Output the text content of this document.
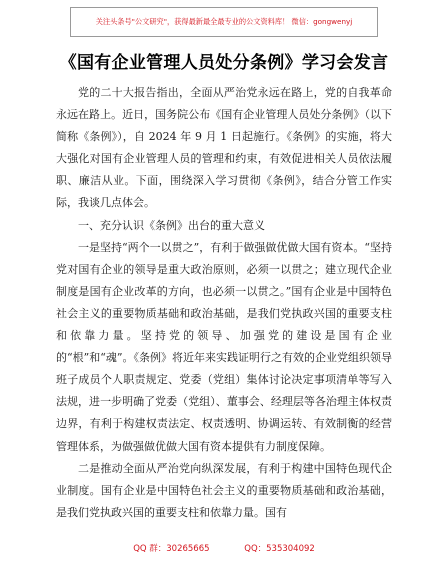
关注头条号"公文研究"，获得最新最全最专业的公文资料库！ 微信：gongwenyj
《国有企业管理人员处分条例》学习会发言

党的二十大报告指出，全面从严治党永远在路上，党的自我革命永远在路上。近日，国务院公布《国有企业管理人员处分条例》（以下简称《条例》），自 2024 年 9 月 1 日起施行。《条例》的实施，将大大强化对国有企业管理人员的管理和约束，有效促进相关人员依法履职、廉洁从业。下面，围绕深入学习贯彻《条例》，结合分管工作实际，我谈几点体会。

一、充分认识《条例》出台的重大意义

一是坚持“两个一以贯之”，有利于做强做优做大国有资本。“坚持党对国有企业的领导是重大政治原则，必须一以贯之；建立现代企业制度是国有企业改革的方向，也必须一以贯之。”国有企业是中国特色社会主义的重要物质基础和政治基础，是我们党执政兴国的重要支柱和依靠力量。坚持党的领导、加强党的建设是国有企业的“根”和“魂”。《条例》将近年来实践证明行之有效的企业党组织领导班子成员个人职责规定、党委（党组）集体讨论决定事项清单等写入法规，进一步明确了党委（党组）、董事会、经理层等各治理主体权责边界，有利于构建权责法定、权责透明、协调运转、有效制衡的经营管理体系，为做强做优做大国有资本提供有力制度保障。

二是推动全面从严治党向纵深发展，有利于构建中国特色现代企业制度。国有企业是中国特色社会主义的重要物质基础和政治基础，是我们党执政兴国的重要支柱和依靠力量。国有

QQ 群：30265665	QQ：535304092
